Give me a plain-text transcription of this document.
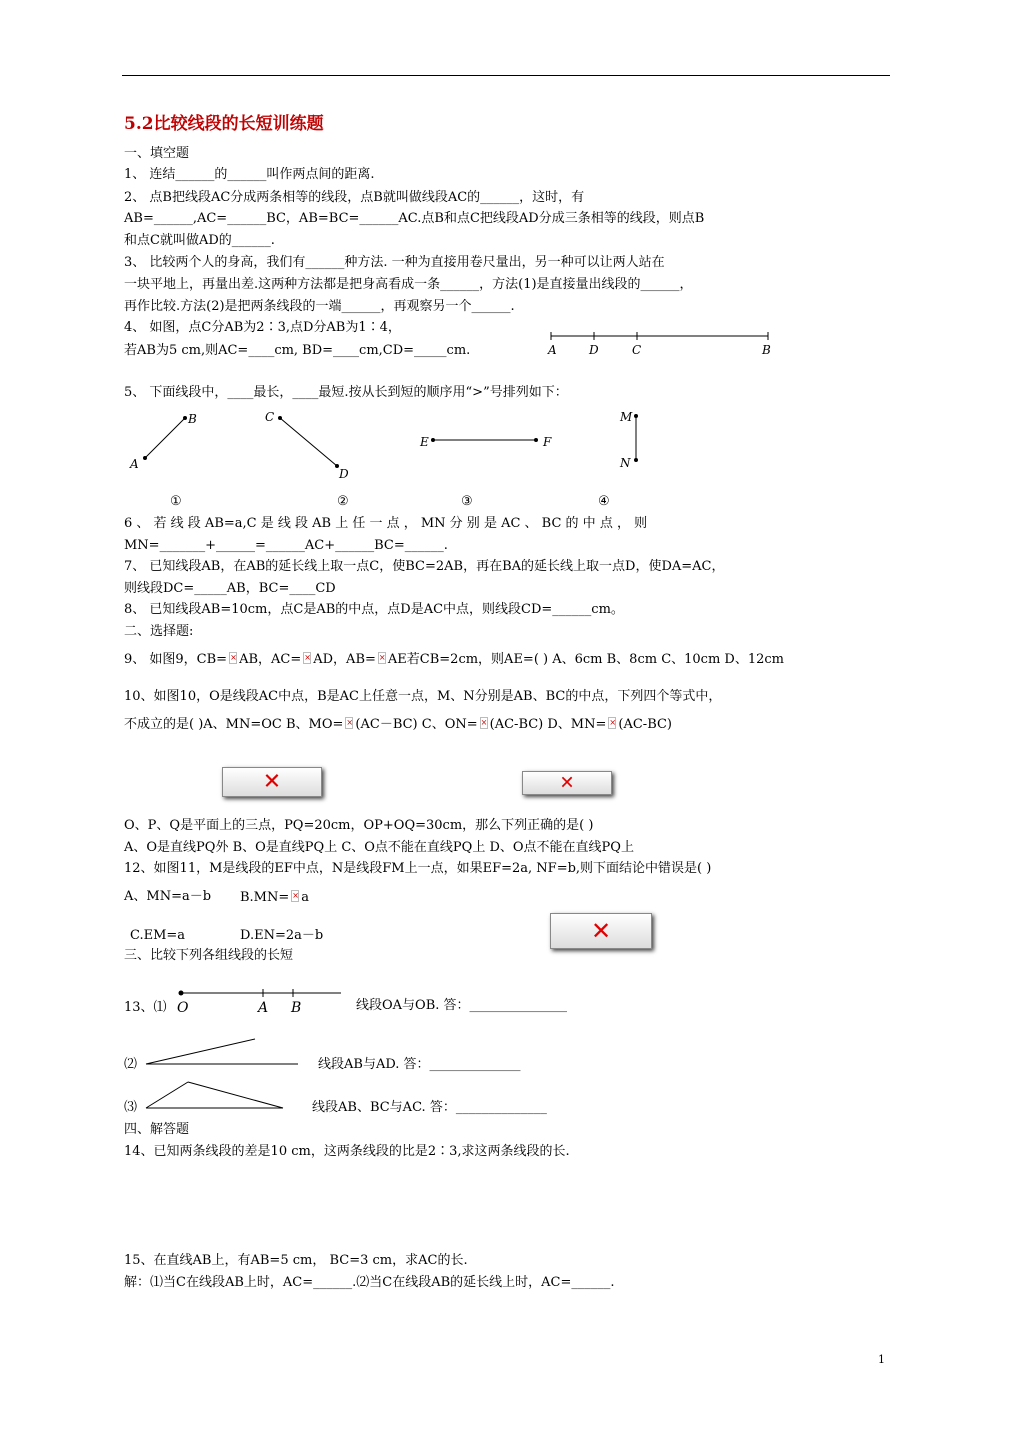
5.2比较线段的长短训练题
一、填空题
1、 连结______的______叫作两点间的距离.
2、 点B把线段AC分成两条相等的线段，点B就叫做线段AC的______，这时，有
AB=______,AC=______BC，AB=BC=______AC.点B和点C把线段AD分成三条相等的线段，则点B
和点C就叫做AD的______.
3、 比较两个人的身高，我们有______种方法. 一种为直接用卷尺量出，另一种可以让两人站在
一块平地上，再量出差.这两种方法都是把身高看成一条______，方法(1)是直接量出线段的______，
再作比较.方法(2)是把两条线段的一端______，再观察另一个______.
4、 如图，点C分AB为2∶3,点D分AB为1∶4，
若AB为5 cm,则AC=____cm, BD=____cm,CD=_____cm.	A	D	C	B
5、 下面线段中，____最长，____最短.按从长到短的顺序用“>”号排列如下：
B
A
C
D
E	F
M
N
①	②	③	④
6 、 若 线 段 AB=a,C 是 线 段 AB 上 任 一 点 ， MN 分 别 是 AC 、 BC 的 中 点 ， 则
MN=_______+______=______AC+______BC=______.
7、 已知线段AB，在AB的延长线上取一点C，使BC=2AB，再在BA的延长线上取一点D，使DA=AC，
则线段DC=_____AB，BC=____CD
8、 已知线段AB=10cm，点C是AB的中点，点D是AC中点，则线段CD=______cm。
二、选择题:
9、 如图9，CB= × AB，AC= × AD，AB= × AE若CB=2cm，则AE=( ) A、6cm B、8cm C、10cm D、12cm
10、如图10，O是线段AC中点，B是AC上任意一点，M、N分别是AB、BC的中点，下列四个等式中，
不成立的是( )A、MN=OC B、MO= × (AC－BC) C、ON= × (AC-BC) D、MN= × (AC-BC)
✕	✕
O、P、Q是平面上的三点，PQ=20cm，OP+OQ=30cm，那么下列正确的是( )
A、O是直线PQ外 B、O是直线PQ上 C、O点不能在直线PQ上 D、O点不能在直线PQ上
12、如图11，M是线段的EF中点，N是线段FM上一点，如果EF=2a, NF=b,则下面结论中错误是( )
A、MN=a－b B.MN= × a
✕
C.EM=a	D.EN=2a－b
三、比较下列各组线段的长短
13、⑴ O	A B	线段OA与OB. 答：_______________
⑵	线段AB与AD. 答：______________
⑶	线段AB、BC与AC. 答：______________
四、解答题
14、已知两条线段的差是10 cm，这两条线段的比是2∶3,求这两条线段的长.
15、在直线AB上，有AB=5 cm， BC=3 cm，求AC的长.
解：⑴当C在线段AB上时，AC=______.⑵当C在线段AB的延长线上时，AC=______.
1
